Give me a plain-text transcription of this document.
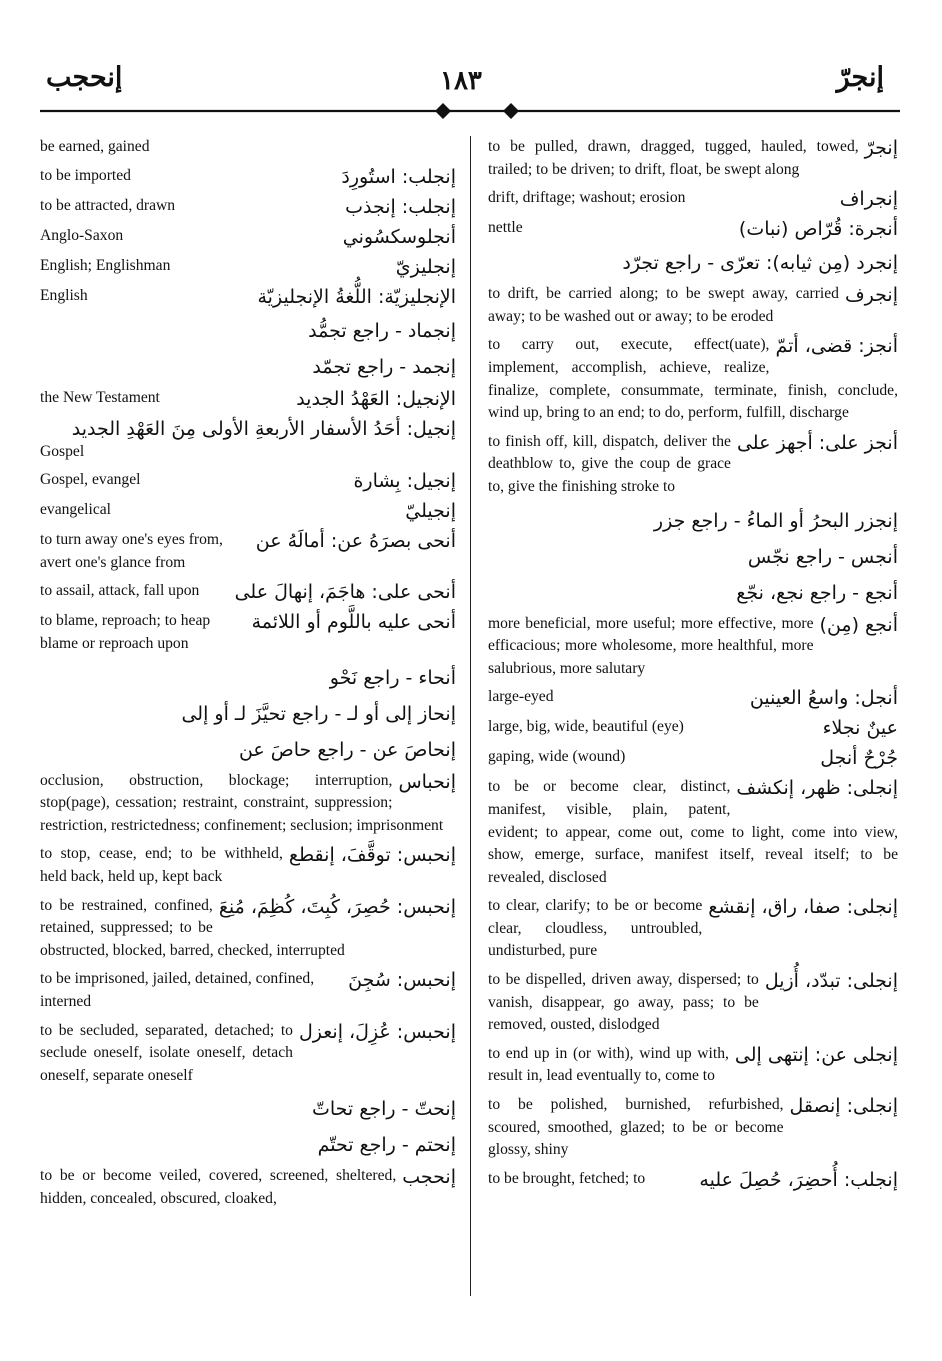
إنحجب	١٨٣	إنجرّ
be earned, gained
إنجلب: استُورِدَ
to be imported
إنجلب: إنجذب
to be attracted, drawn
أنجلوسكسُوني
Anglo-Saxon
إنجليزيّ
English; Englishman
الإنجليزيّة: اللُّغةُ الإنجليزيّة
English
إنجماد - راجع تجمُّد
إنجمد - راجع تجمّد
الإنجيل: العَهْدُ الجديد
the New Testament
إنجيل: أحَدُ الأسفار الأربعةِ الأولى مِنَ العَهْدِ الجديد
Gospel
إنجيل: بِشارة
Gospel, evangel
إنجيليّ
evangelical
أنحى بصرَهُ عن: أمالَهُ عن
to turn away one's eyes from, avert one's glance from
أنحى على: هاجَمَ، إنهالَ على
to assail, attack, fall upon
أنحى عليه باللَّوم أو اللائمة
to blame, reproach; to heap blame or reproach upon
أنحاء - راجع نَحْو
إنحاز إلى أو لـ - راجع تحيَّزَ لـ أو إلى
إنحاصَ عن - راجع حاصَ عن
إنحباس
occlusion, obstruction, blockage; interruption, stop(page), cessation; restraint, constraint, suppression; restriction, restrictedness; confinement; seclusion; imprisonment
إنحبس: توقَّفَ، إنقطع
to stop, cease, end; to be withheld, held back, held up, kept back
إنحبس: حُصِرَ، كُبِتَ، كُظِمَ، مُنِعَ
to be restrained, confined, retained, suppressed; to be obstructed, blocked, barred, checked, interrupted
إنحبس: سُجِنَ
to be imprisoned, jailed, detained, confined, interned
إنحبس: عُزِلَ، إنعزل
to be secluded, separated, detached; to seclude oneself, isolate oneself, detach oneself, separate oneself
إنحتّ - راجع تحاتّ
إنحتم - راجع تحتّم
إنحجب
to be or become veiled, covered, screened, sheltered, hidden, concealed, obscured, cloaked,
إنجرّ
to be pulled, drawn, dragged, tugged, hauled, towed, trailed; to be driven; to drift, float, be swept along
إنجراف
drift, driftage; washout; erosion
أنجرة: قُرّاص (نبات)
nettle
إنجرد (مِن ثيابه): تعرّى - راجع تجرّد
إنجرف
to drift, be carried along; to be swept away, carried away; to be washed out or away; to be eroded
أنجز: قضى، أتمّ
to carry out, execute, effect(uate), implement, accomplish, achieve, realize, finalize, complete, consummate, terminate, finish, conclude, wind up, bring to an end; to do, perform, fulfill, discharge
أنجز على: أجهز على
to finish off, kill, dispatch, deliver the deathblow to, give the coup de grace to, give the finishing stroke to
إنجزر البحرُ أو الماءُ - راجع جزر
أنجس - راجع نجّس
أنجع - راجع نجع، نجّع
أنجع (مِن)
more beneficial, more useful; more effective, more efficacious; more wholesome, more healthful, more salubrious, more salutary
أنجل: واسعُ العينين
large-eyed
عينٌ نجلاء
large, big, wide, beautiful (eye)
جُرْحٌ أنجل
gaping, wide (wound)
إنجلى: ظهر، إنكشف
to be or become clear, distinct, manifest, visible, plain, patent, evident; to appear, come out, come to light, come into view, show, emerge, surface, manifest itself, reveal itself; to be revealed, disclosed
إنجلى: صفا، راق، إنقشع
to clear, clarify; to be or become clear, cloudless, untroubled, undisturbed, pure
إنجلى: تبدّد، أُزيل
to be dispelled, driven away, dispersed; to vanish, disappear, go away, pass; to be removed, ousted, dislodged
إنجلى عن: إنتهى إلى
to end up in (or with), wind up with, result in, lead eventually to, come to
إنجلى: إنصقل
to be polished, burnished, refurbished, scoured, smoothed, glazed; to be or become glossy, shiny
إنجلب: أُحضِرَ، حُصِلَ عليه
to be brought, fetched; to
